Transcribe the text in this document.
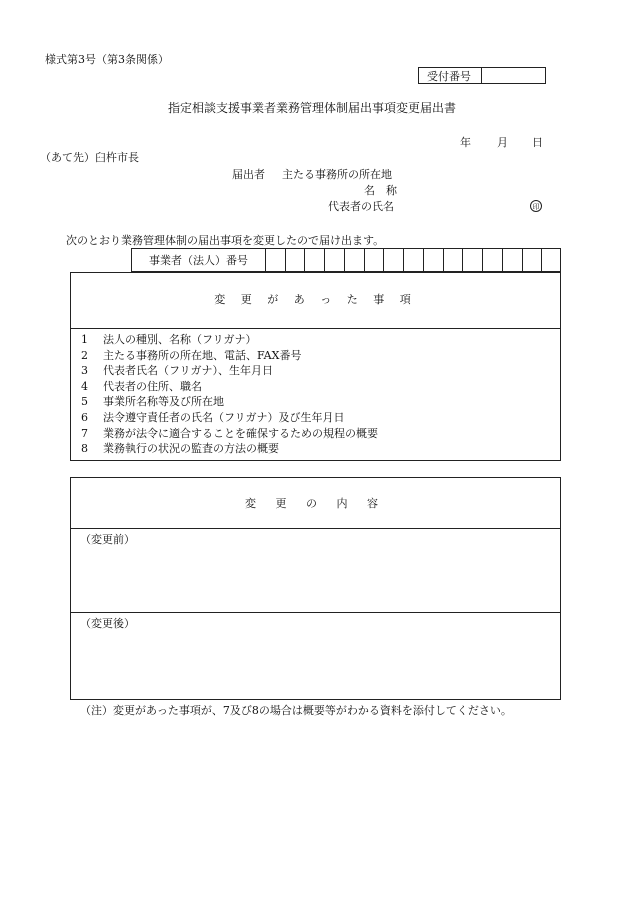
様式第3号（第3条関係）
受付番号
指定相談支援事業者業務管理体制届出事項変更届出書
年 月 日
（あて先）臼杵市長
届出者 主たる事務所の所在地
名　称
代表者の氏名	印
次のとおり業務管理体制の届出事項を変更したので届け出ます。
事業者（法人）番号
変 更 が あ っ た 事 項
1 法人の種別、名称（フリガナ）
2 主たる事務所の所在地、電話、FAX番号
3 代表者氏名（フリガナ）、生年月日
4 代表者の住所、職名
5 事業所名称等及び所在地
6 法令遵守責任者の氏名（フリガナ）及び生年月日
7 業務が法令に適合することを確保するための規程の概要
8 業務執行の状況の監査の方法の概要
変 更 の 内 容
（変更前）
（変更後）
（注）変更があった事項が、7及び8の場合は概要等がわかる資料を添付してください。
